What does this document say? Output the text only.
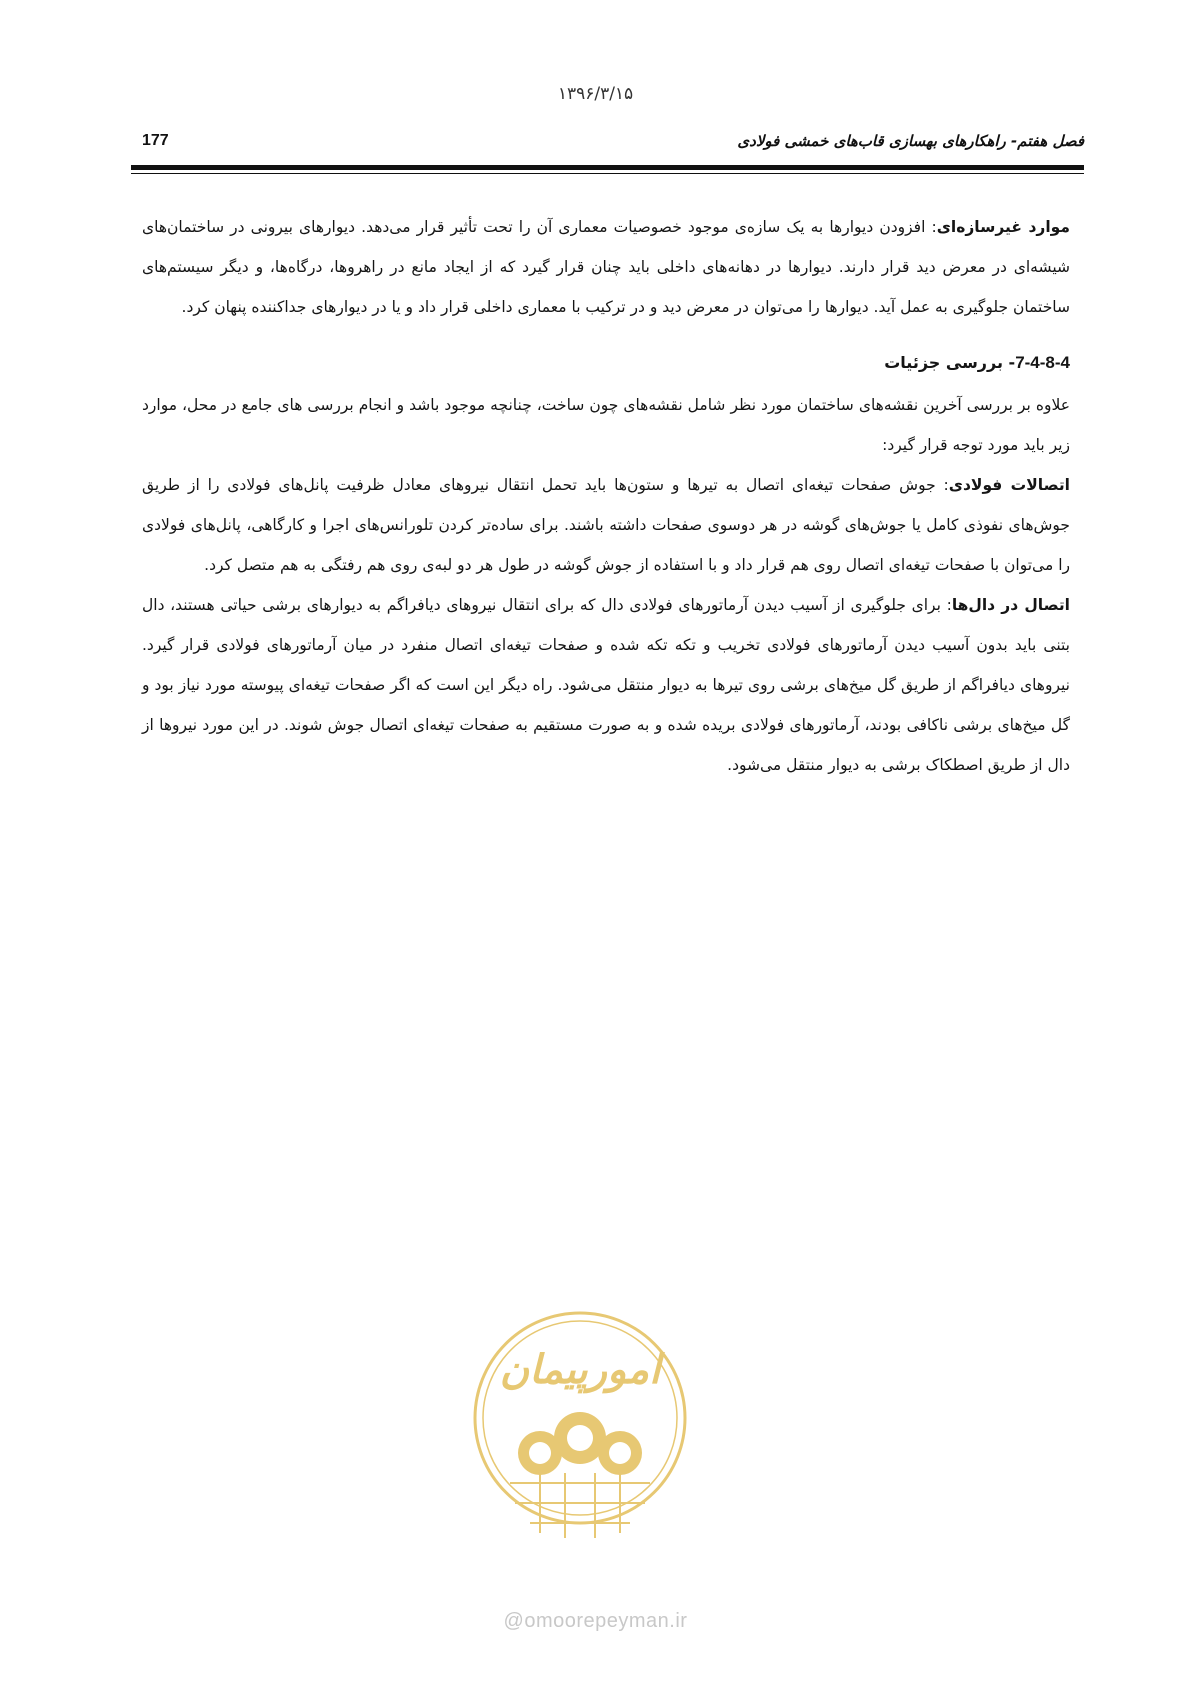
۱۳۹۶/۳/۱۵
177	فصل هفتم- راهکارهای بهسازی قاب‌های خمشی فولادی

موارد غیرسازه‌ای: افزودن دیوارها به یک سازه‌ی موجود خصوصیات معماری آن را تحت تأثیر قرار می‌دهد. دیوارهای بیرونی در ساختمان‌های شیشه‌ای در معرض دید قرار دارند. دیوارها در دهانه‌های داخلی باید چنان قرار گیرد که از ایجاد مانع در راهروها، درگاه‌ها، و دیگر سیستم‌های ساختمان جلوگیری به عمل آید. دیوارها را می‌توان در معرض دید و در ترکیب با معماری داخلی قرار داد و یا در دیوارهای جداکننده پنهان کرد.

7-4-8-4- بررسی جزئیات

علاوه بر بررسی آخرین نقشه‌های ساختمان مورد نظر شامل نقشه‌های چون ساخت، چنانچه موجود باشد و انجام بررسی های جامع در محل، موارد زیر باید مورد توجه قرار گیرد:

اتصالات فولادی: جوش صفحات تیغه‌ای اتصال به تیرها و ستون‌ها باید تحمل انتقال نیروهای معادل ظرفیت پانل‌های فولادی را از طریق جوش‌های نفوذی کامل یا جوش‌های گوشه در هر دوسوی صفحات داشته باشند. برای ساده‌تر کردن تلورانس‌های اجرا و کارگاهی، پانل‌های فولادی را می‌توان با صفحات تیغه‌ای اتصال روی هم قرار داد و با استفاده از جوش گوشه در طول هر دو لبه‌ی روی هم رفتگی به هم متصل کرد.

اتصال در دال‌ها: برای جلوگیری از آسیب دیدن آرماتورهای فولادی دال که برای انتقال نیروهای دیافراگم به دیوارهای برشی حیاتی هستند، دال بتنی باید بدون آسیب دیدن آرماتورهای فولادی تخریب و تکه تکه شده و صفحات تیغه‌ای اتصال منفرد در میان آرماتورهای فولادی قرار گیرد. نیروهای دیافراگم از طریق گل میخ‌های برشی روی تیرها به دیوار منتقل می‌شود. راه دیگر این است که اگر صفحات تیغه‌ای پیوسته مورد نیاز بود و گل میخ‌های برشی ناکافی بودند، آرماتورهای فولادی بریده شده و به صورت مستقیم به صفحات تیغه‌ای اتصال جوش شوند. در این مورد نیروها از دال از طریق اصطکاک برشی به دیوار منتقل می‌شود.

امورپیمان
@omoorepeyman.ir
